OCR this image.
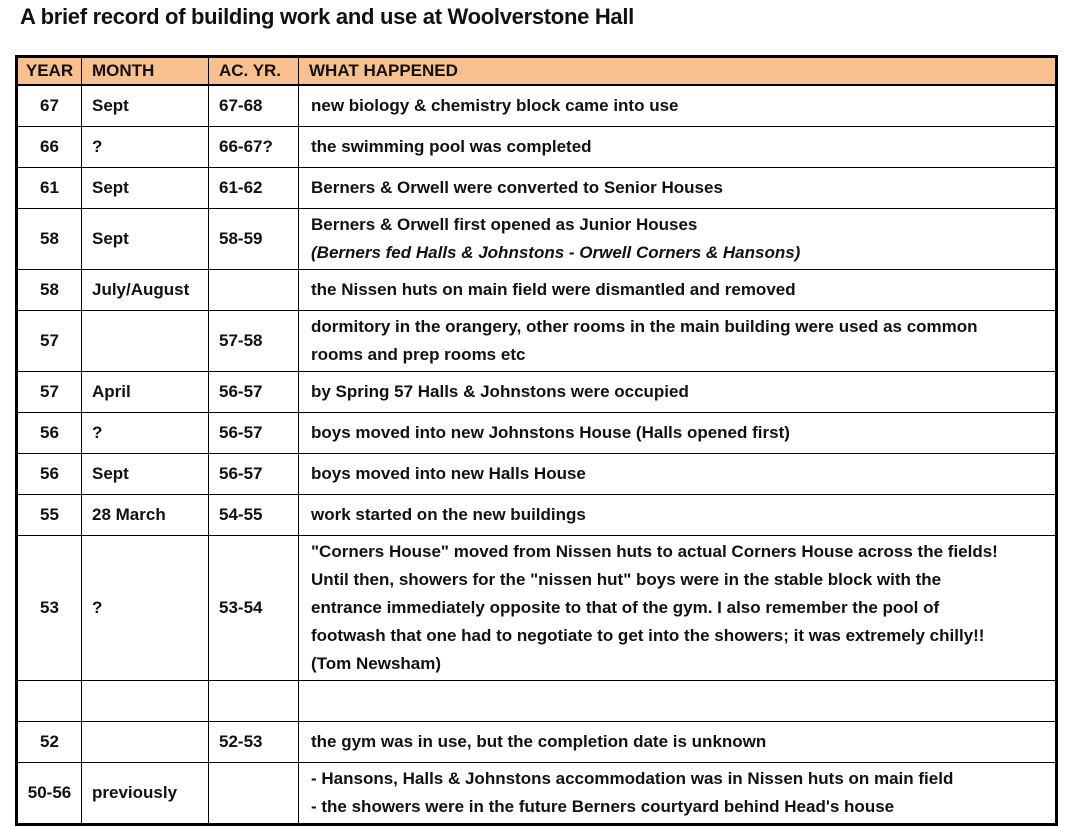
A brief record of building work and use at Woolverstone Hall
YEAR	MONTH	AC. YR.	WHAT HAPPENED
67	Sept	67-68	new biology & chemistry block came into use

66	?	66-67?	the swimming pool was completed

61	Sept	61-62	Berners & Orwell were converted to Senior Houses

58	Sept	58-59	Berners & Orwell first opened as Junior Houses
(Berners fed Halls & Johnstons - Orwell Corners & Hansons)

58	July/August		the Nissen huts on main field were dismantled and removed

57		57-58	dormitory in the orangery, other rooms in the main building were used as common
rooms and prep rooms etc

57	April	56-57	by Spring 57 Halls & Johnstons were occupied

56	?	56-57	boys moved into new Johnstons House (Halls opened first)

56	Sept	56-57	boys moved into new Halls House

55	28 March	54-55	work started on the new buildings

53	?	53-54	"Corners House" moved from Nissen huts to actual Corners House across the fields!
Until then, showers for the "nissen hut" boys were in the stable block with the
entrance immediately opposite to that of the gym. I also remember the pool of
footwash that one had to negotiate to get into the showers; it was extremely chilly!!
(Tom Newsham)

52		52-53	the gym was in use, but the completion date is unknown

50-56	previously		- Hansons, Halls & Johnstons accommodation was in Nissen huts on main field
- the showers were in the future Berners courtyard behind Head's house
